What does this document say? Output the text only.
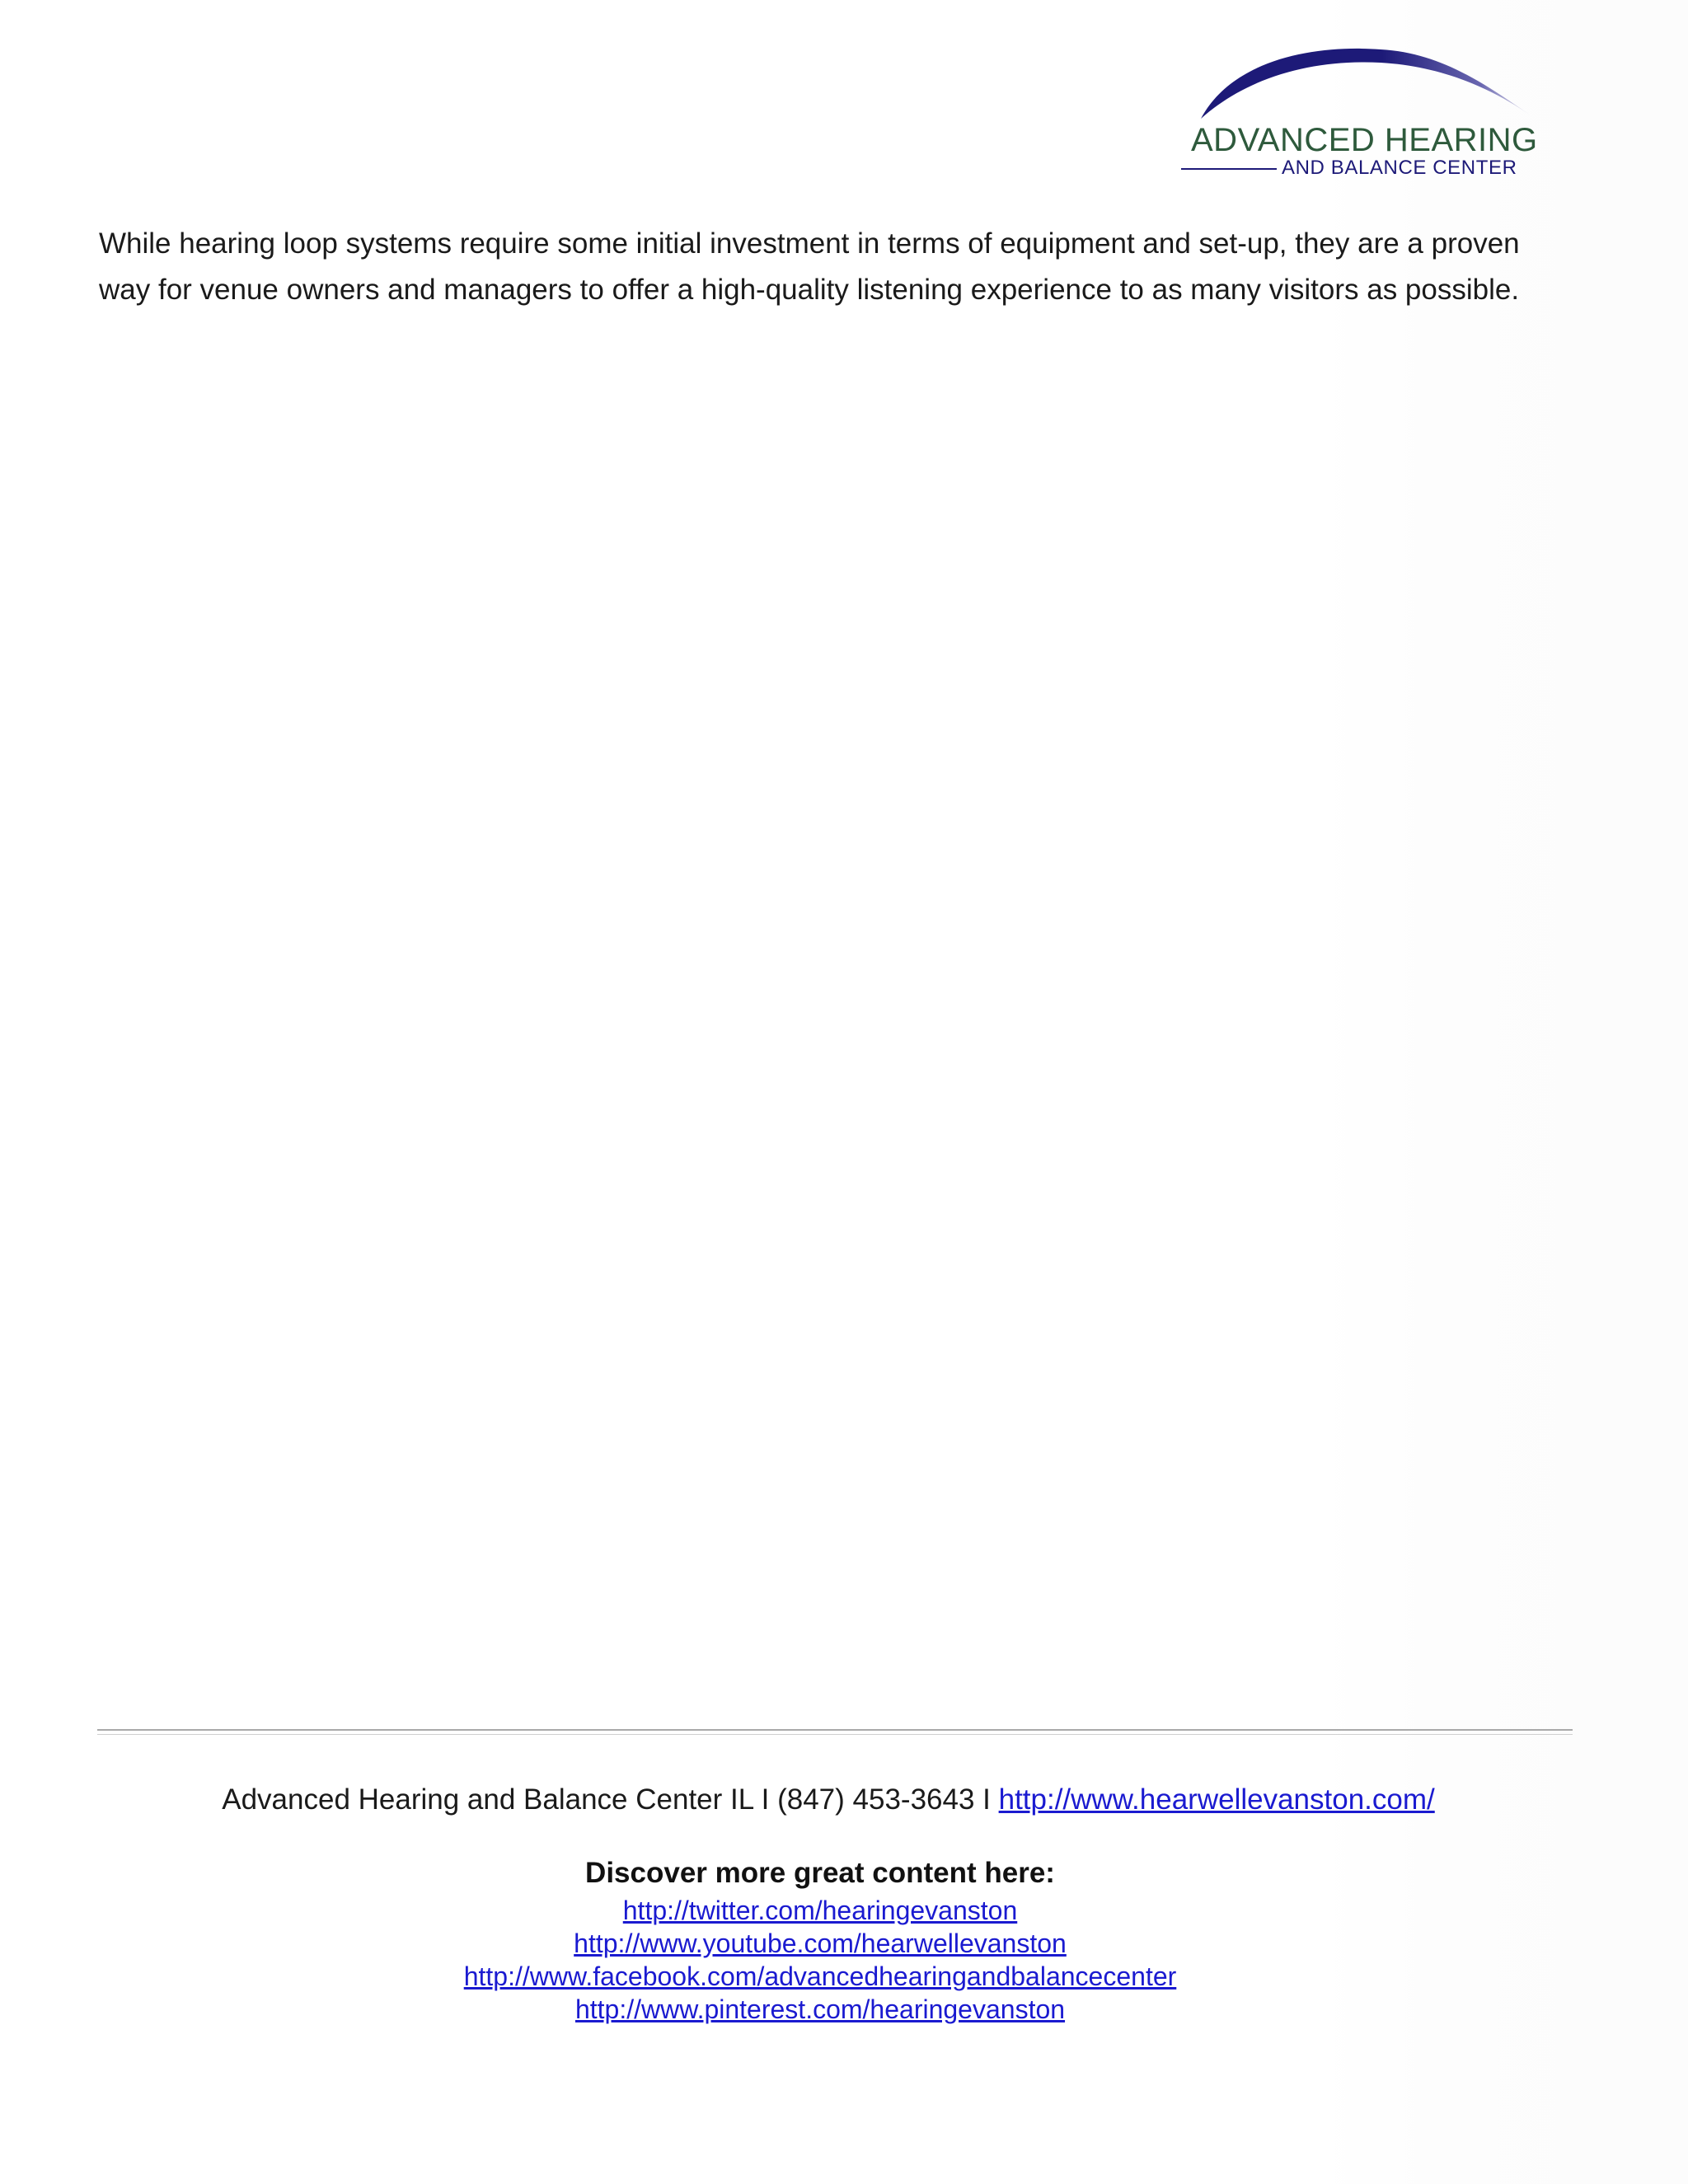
ADVANCED HEARING
AND BALANCE CENTER

While hearing loop systems require some initial investment in terms of equipment and set-up, they are a proven way for venue owners and managers to offer a high-quality listening experience to as many visitors as possible.

Advanced Hearing and Balance Center IL I (847) 453-3643 I http://www.hearwellevanston.com/
Discover more great content here:
http://twitter.com/hearingevanston
http://www.youtube.com/hearwellevanston
http://www.facebook.com/advancedhearingandbalancecenter
http://www.pinterest.com/hearingevanston
